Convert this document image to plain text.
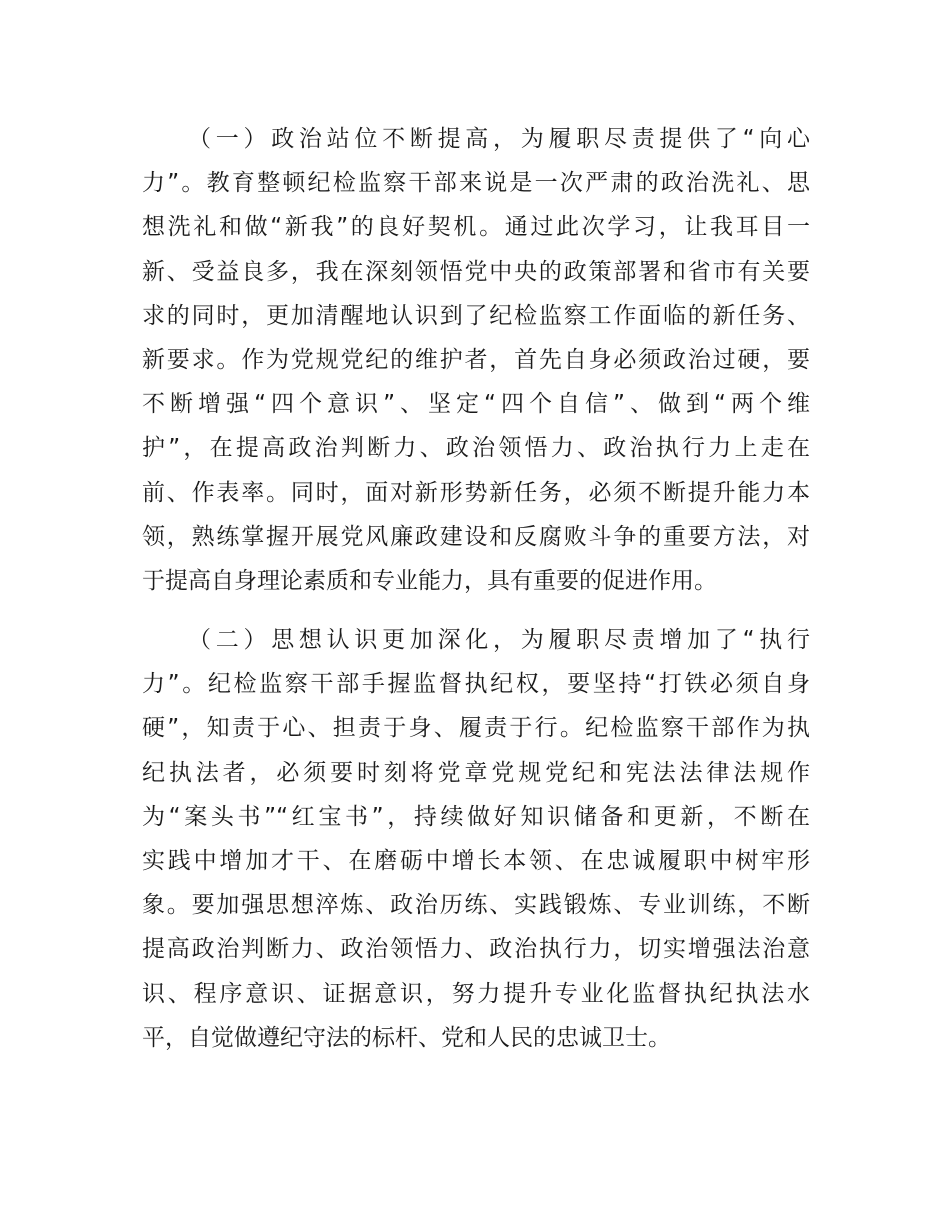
（一）政治站位不断提高，为履职尽责提供了“向心
力”。教育整顿纪检监察干部来说是一次严肃的政治洗礼、思
想洗礼和做“新我”的良好契机。通过此次学习，让我耳目一
新、受益良多，我在深刻领悟党中央的政策部署和省市有关要
求的同时，更加清醒地认识到了纪检监察工作面临的新任务、
新要求。作为党规党纪的维护者，首先自身必须政治过硬，要
不断增强“四个意识”、坚定“四个自信”、做到“两个维
护”，在提高政治判断力、政治领悟力、政治执行力上走在
前、作表率。同时，面对新形势新任务，必须不断提升能力本
领，熟练掌握开展党风廉政建设和反腐败斗争的重要方法，对
于提高自身理论素质和专业能力，具有重要的促进作用。
（二）思想认识更加深化，为履职尽责增加了“执行
力”。纪检监察干部手握监督执纪权，要坚持“打铁必须自身
硬”，知责于心、担责于身、履责于行。纪检监察干部作为执
纪执法者，必须要时刻将党章党规党纪和宪法法律法规作
为“案头书”“红宝书”，持续做好知识储备和更新，不断在
实践中增加才干、在磨砺中增长本领、在忠诚履职中树牢形
象。要加强思想淬炼、政治历练、实践锻炼、专业训练，不断
提高政治判断力、政治领悟力、政治执行力，切实增强法治意
识、程序意识、证据意识，努力提升专业化监督执纪执法水
平，自觉做遵纪守法的标杆、党和人民的忠诚卫士。
